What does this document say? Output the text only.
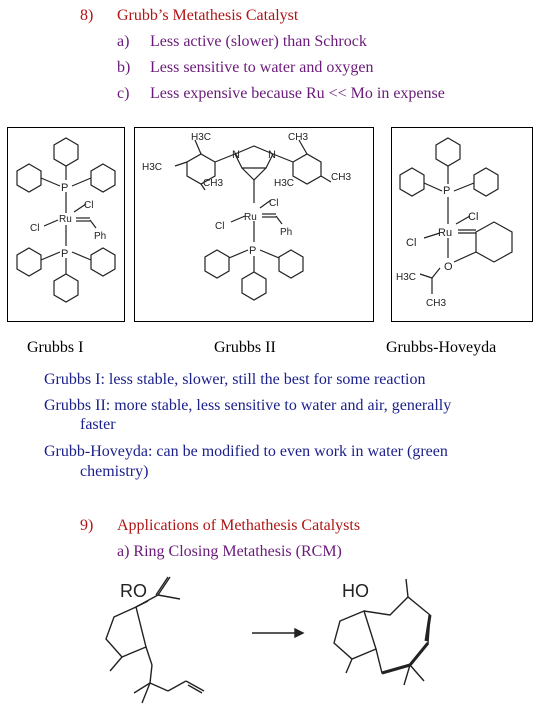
8) Grubb’s Metathesis Catalyst
a) Less active (slower) than Schrock
b) Less sensitive to water and oxygen
c) Less expensive because Ru << Mo in expense
P
Cl
Ru
Cl
Ph
P
H3C	CH3
H3C
CH3
CH3	H3C
N	N
Cl
Ru
Cl
Ph
P
P
Cl
Ru
Cl
O
H3C
CH3
Grubbs I	Grubbs II	Grubbs-Hoveyda
Grubbs I: less stable, slower, still the best for some reaction
Grubbs II: more stable, less sensitive to water and air, generally
faster
Grubb-Hoveyda: can be modified to even work in water (green
chemistry)
9) Applications of Methathesis Catalysts
a) Ring Closing Metathesis (RCM)
RO	HO
